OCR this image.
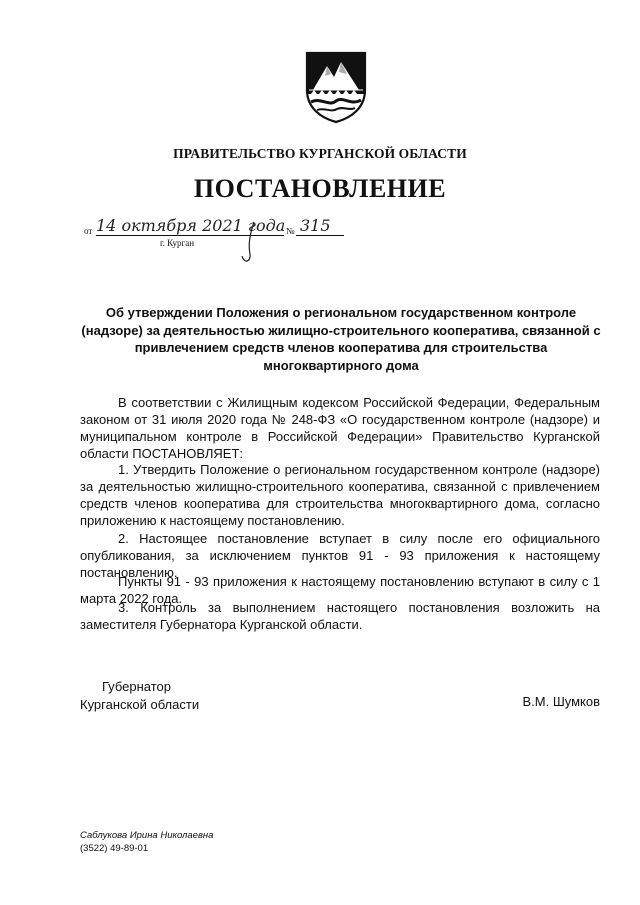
ПРАВИТЕЛЬСТВО КУРГАНСКОЙ ОБЛАСТИ
ПОСТАНОВЛЕНИЕ
от 14 октября 2021 года № 315
г. Курган
Об утверждении Положения о региональном государственном контроле (надзоре) за деятельностью жилищно-строительного кооператива, связанной с привлечением средств членов кооператива для строительства многоквартирного дома
В соответствии с Жилищным кодексом Российской Федерации, Федеральным законом от 31 июля 2020 года № 248-ФЗ «О государственном контроле (надзоре) и муниципальном контроле в Российской Федерации» Правительство Курганской области ПОСТАНОВЛЯЕТ:
1. Утвердить Положение о региональном государственном контроле (надзоре) за деятельностью жилищно-строительного кооператива, связанной с привлечением средств членов кооператива для строительства многоквартирного дома, согласно приложению к настоящему постановлению.
2. Настоящее постановление вступает в силу после его официального опубликования, за исключением пунктов 91 - 93 приложения к настоящему постановлению.
Пункты 91 - 93 приложения к настоящему постановлению вступают в силу с 1 марта 2022 года.
3. Контроль за выполнением настоящего постановления возложить на заместителя Губернатора Курганской области.
Губернатор
Курганской области	В.М. Шумков
Саблукова Ирина Николаевна
(3522) 49-89-01
